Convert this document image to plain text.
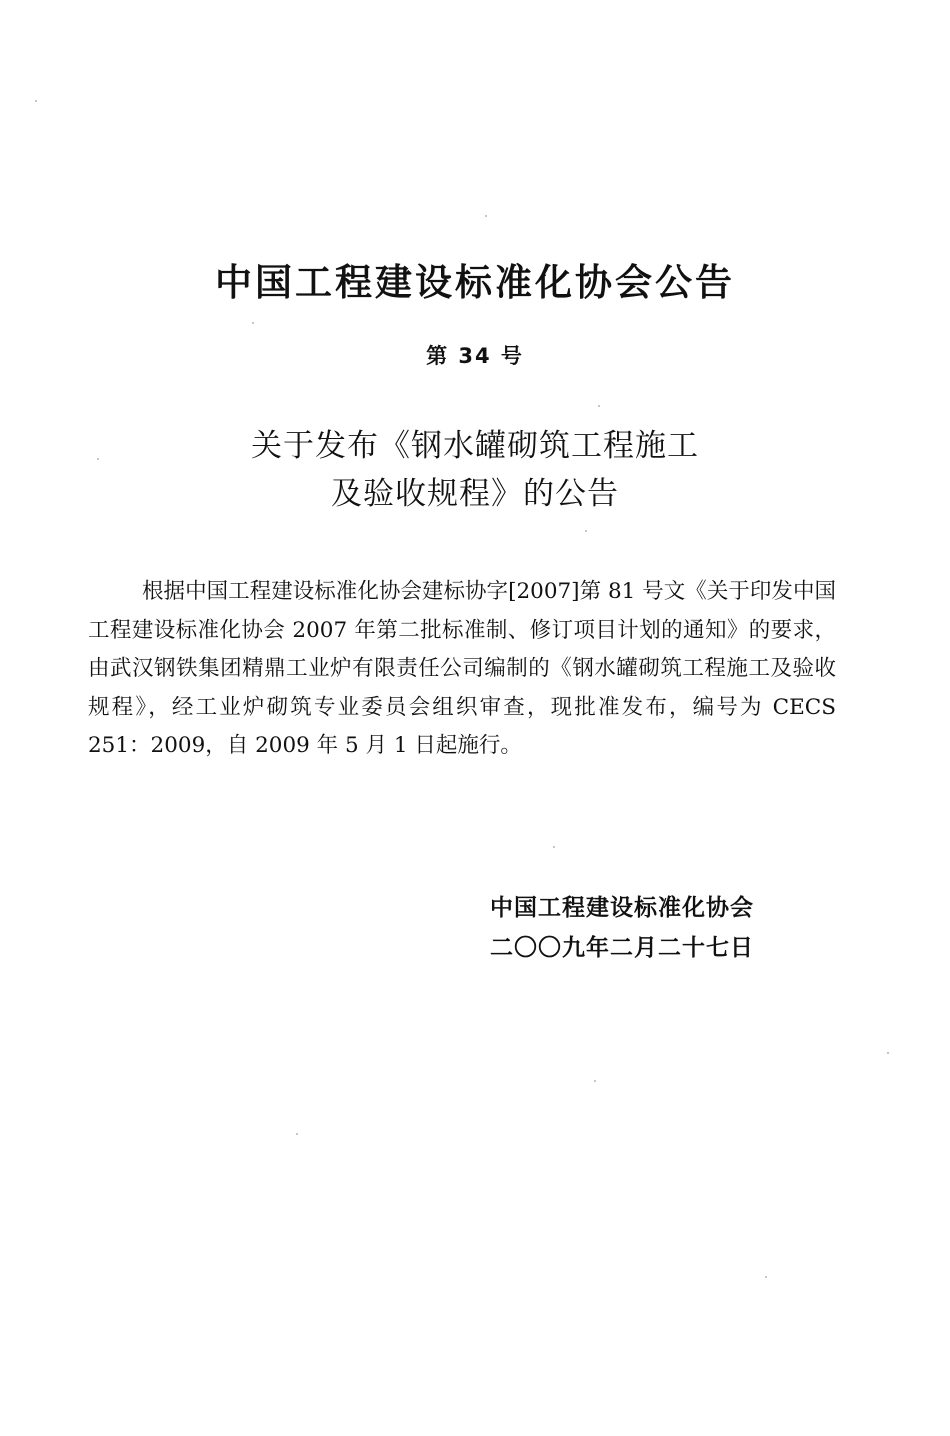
中国工程建设标准化协会公告
第 34 号
关于发布《钢水罐砌筑工程施工
及验收规程》的公告
根据中国工程建设标准化协会建标协字[2007]第 81 号文《关于印发中国工程建设标准化协会 2007 年第二批标准制、修订项目计划的通知》的要求，由武汉钢铁集团精鼎工业炉有限责任公司编制的《钢水罐砌筑工程施工及验收规程》，经工业炉砌筑专业委员会组织审查，现批准发布，编号为 CECS 251：2009，自 2009 年 5 月 1 日起施行。
中国工程建设标准化协会
二〇〇九年二月二十七日
